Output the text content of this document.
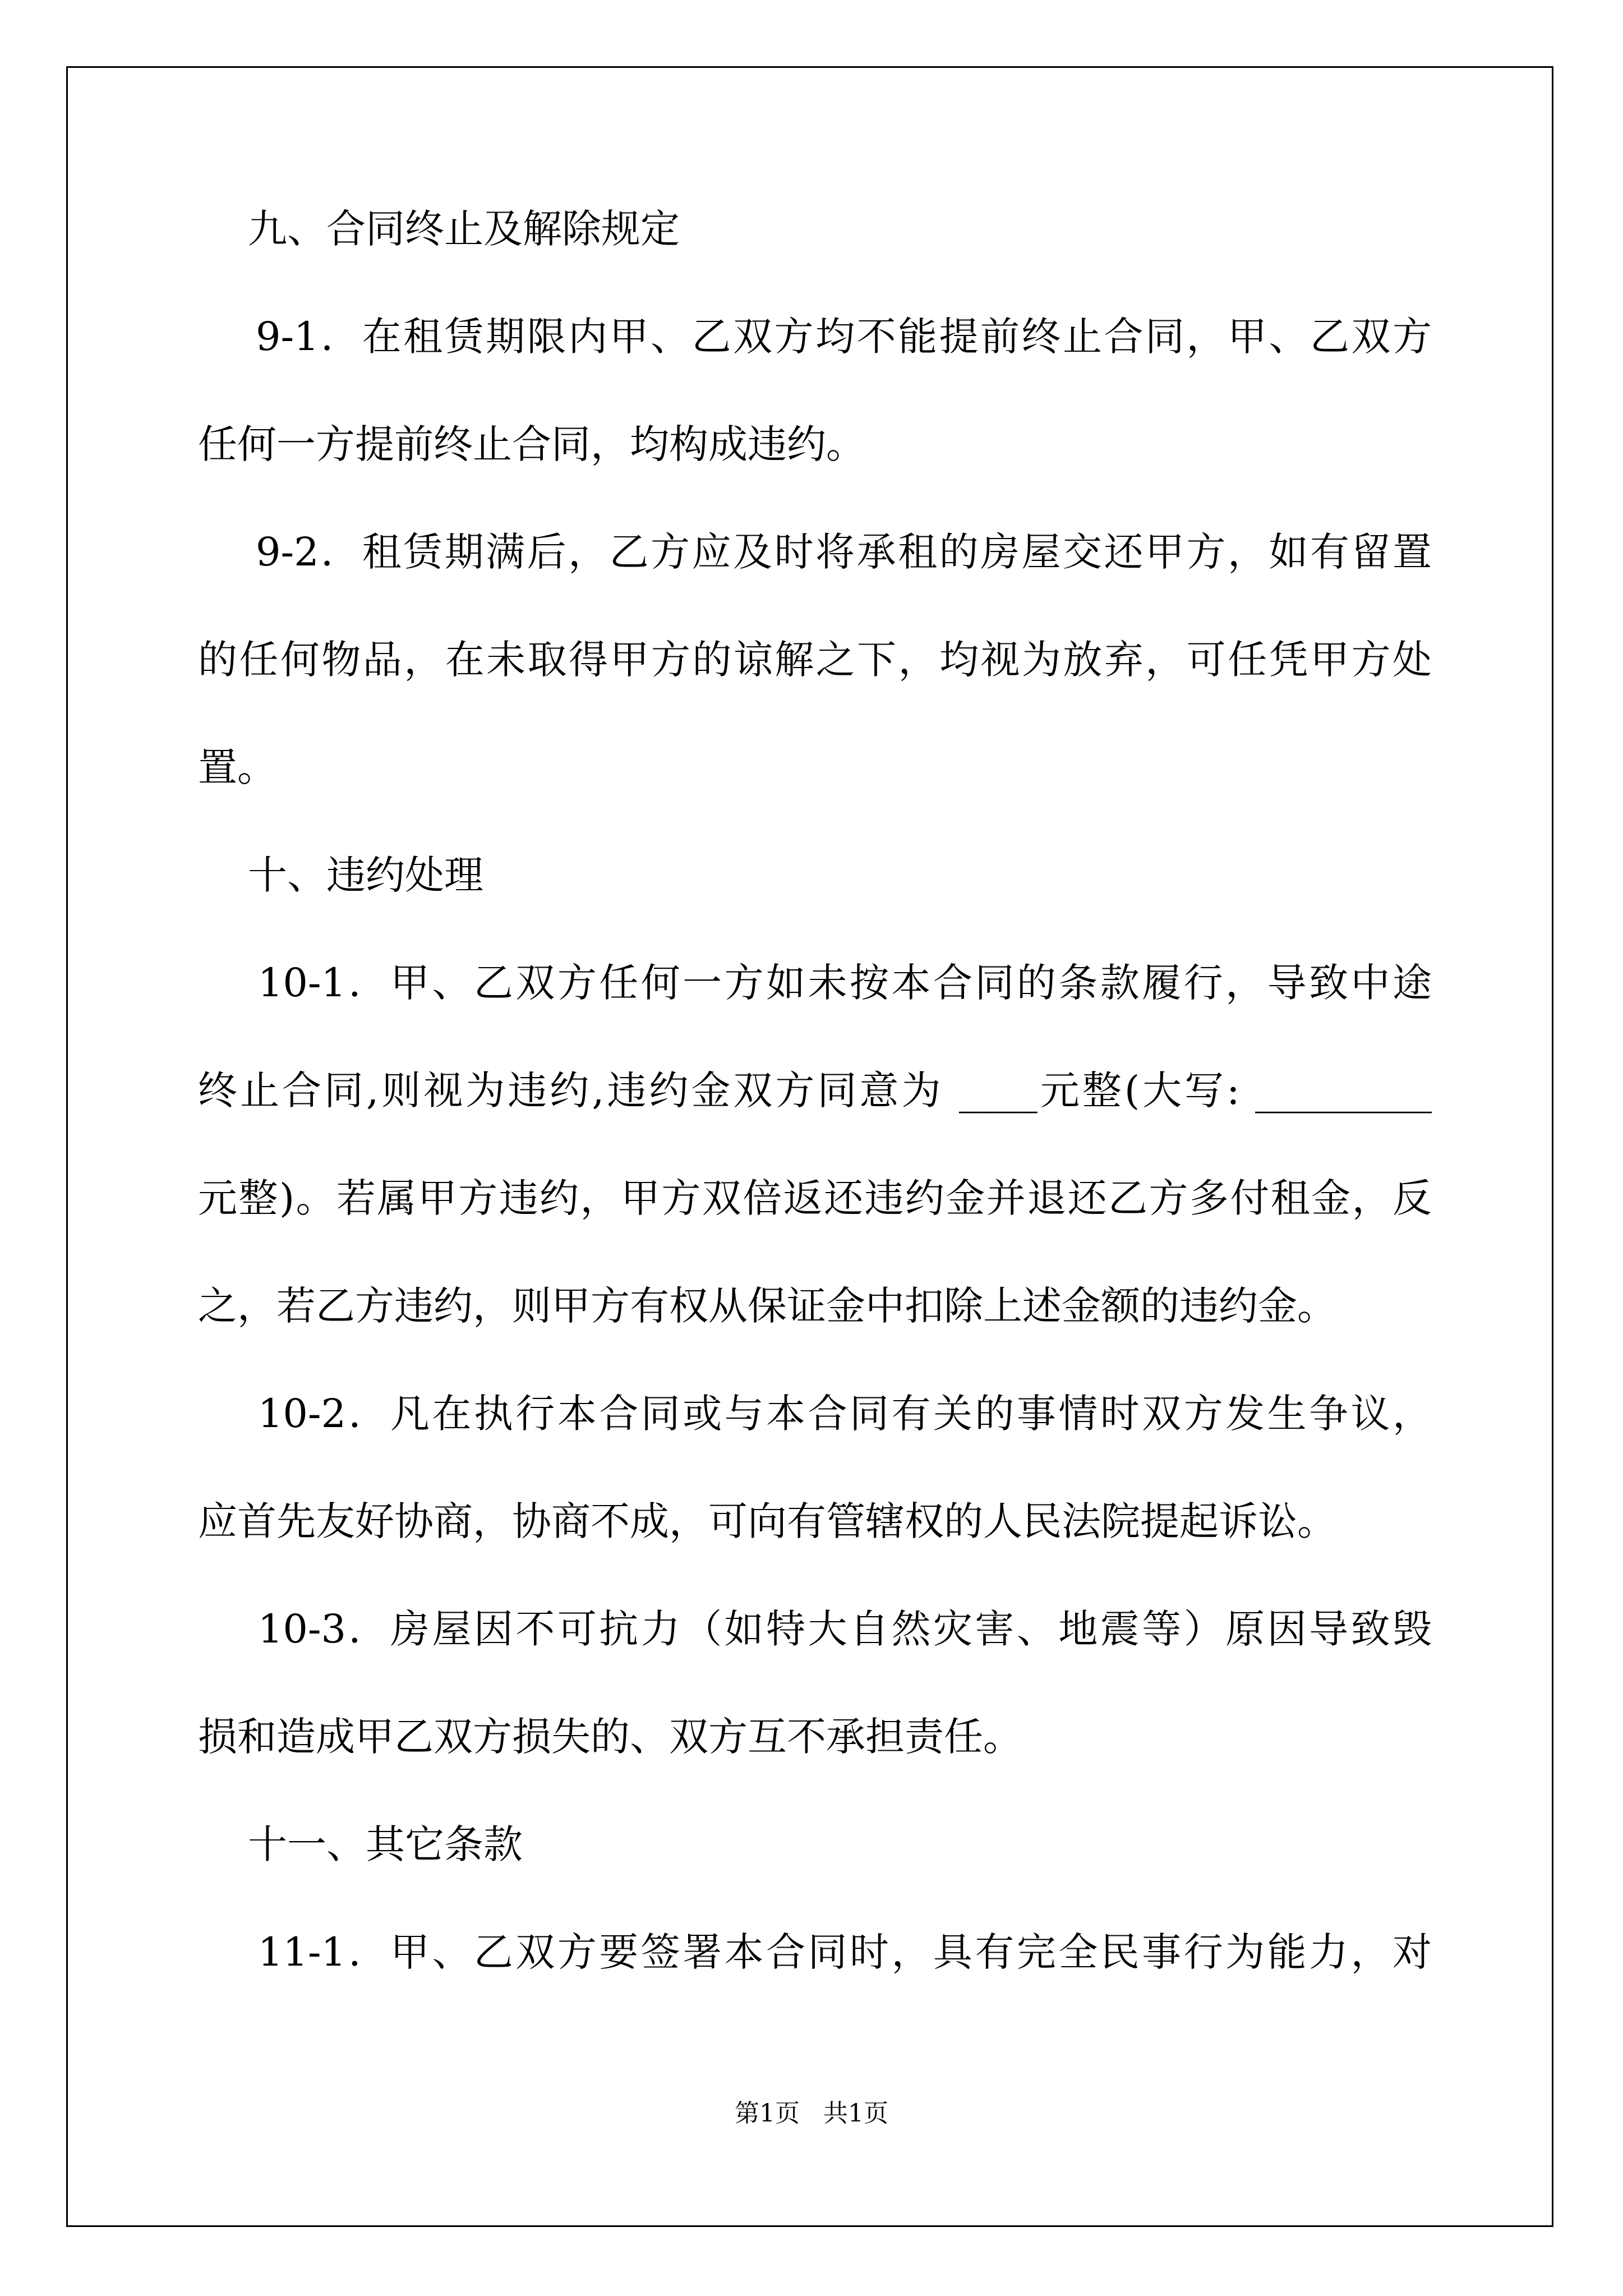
九、合同终止及解除规定
9-1．在租赁期限内甲、乙双方均不能提前终止合同，甲、乙双方
任何一方提前终止合同，均构成违约。
9-2．租赁期满后，乙方应及时将承租的房屋交还甲方，如有留置
的任何物品，在未取得甲方的谅解之下，均视为放弃，可任凭甲方处
置。
十、违约处理
10-1．甲、乙双方任何一方如未按本合同的条款履行，导致中途
终止合同,则视为违约,违约金双方同意为 ____元整(大写: _________
元整)。若属甲方违约，甲方双倍返还违约金并退还乙方多付租金，反
之，若乙方违约，则甲方有权从保证金中扣除上述金额的违约金。
10-2．凡在执行本合同或与本合同有关的事情时双方发生争议，
应首先友好协商，协商不成，可向有管辖权的人民法院提起诉讼。
10-3．房屋因不可抗力（如特大自然灾害、地震等）原因导致毁
损和造成甲乙双方损失的、双方互不承担责任。
十一、其它条款
11-1．甲、乙双方要签署本合同时，具有完全民事行为能力，对
第1页   共1页
